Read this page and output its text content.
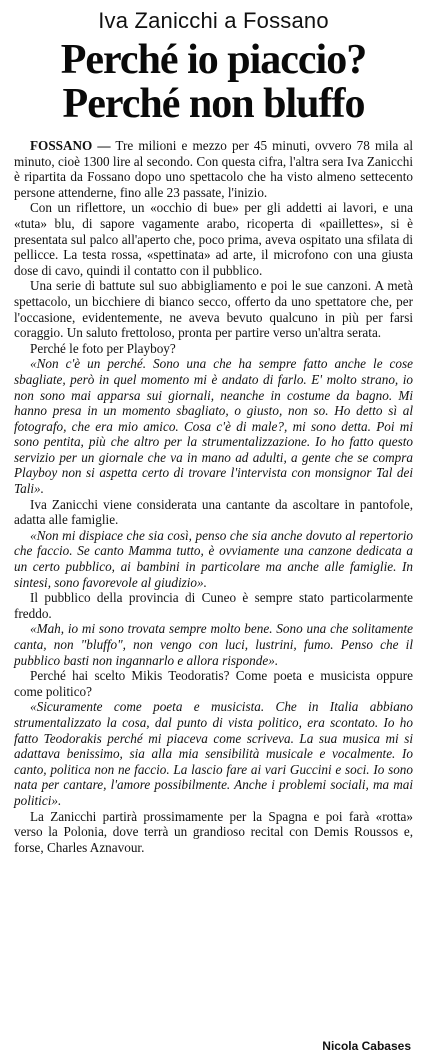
Iva Zanicchi a Fossano
Perché io piaccio?
Perché non bluffo

FOSSANO — Tre milioni e mezzo per 45 minuti, ovvero 78 mila al minuto, cioè 1300 lire al secondo. Con questa cifra, l'altra sera Iva Zanicchi è ripartita da Fossano dopo uno spettacolo che ha visto almeno settecento persone attenderne, fino alle 23 passate, l'inizio.

Con un riflettore, un «occhio di bue» per gli addetti ai lavori, e una «tuta» blu, di sapore vagamente arabo, ricoperta di «paillettes», si è presentata sul palco all'aperto che, poco prima, aveva ospitato una sfilata di pellicce. La testa rossa, «spettinata» ad arte, il microfono con una giusta dose di cavo, quindi il contatto con il pubblico.

Una serie di battute sul suo abbigliamento e poi le sue canzoni. A metà spettacolo, un bicchiere di bianco secco, offerto da uno spettatore che, per l'occasione, evidentemente, ne aveva bevuto qualcuno in più per farsi coraggio. Un saluto frettoloso, pronta per partire verso un'altra serata.

Perché le foto per Playboy?

«Non c'è un perché. Sono una che ha sempre fatto anche le cose sbagliate, però in quel momento mi è andato di farlo. E' molto strano, io non sono mai apparsa sui giornali, neanche in costume da bagno. Mi hanno presa in un momento sbagliato, o giusto, non so. Ho detto sì al fotografo, che era mio amico. Cosa c'è di male?, mi sono detta. Poi mi sono pentita, più che altro per la strumentalizzazione. Io ho fatto questo servizio per un giornale che va in mano ad adulti, a gente che se compra Playboy non si aspetta certo di trovare l'intervista con monsignor Tal dei Tali».

Iva Zanicchi viene considerata una cantante da ascoltare in pantofole, adatta alle famiglie.

«Non mi dispiace che sia così, penso che sia anche dovuto al repertorio che faccio. Se canto Mamma tutto, è ovviamente una canzone dedicata a un certo pubblico, ai bambini in particolare ma anche alle famiglie. In sintesi, sono favorevole al giudizio».

Il pubblico della provincia di Cuneo è sempre stato particolarmente freddo.

«Mah, io mi sono trovata sempre molto bene. Sono una che solitamente canta, non "bluffo", non vengo con luci, lustrini, fumo. Penso che il pubblico basti non ingannarlo e allora risponde».

Perché hai scelto Mikis Teodoratis? Come poeta e musicista oppure come politico?

«Sicuramente come poeta e musicista. Che in Italia abbiano strumentalizzato la cosa, dal punto di vista politico, era scontato. Io ho fatto Teodorakis perché mi piaceva come scriveva. La sua musica mi si adattava benissimo, sia alla mia sensibilità musicale e vocalmente. Io canto, politica non ne faccio. La lascio fare ai vari Guccini e soci. Io sono nata per cantare, l'amore possibilmente. Anche i problemi sociali, ma mai politici».

La Zanicchi partirà prossimamente per la Spagna e poi farà «rotta» verso la Polonia, dove terrà un grandioso recital con Demis Roussos e, forse, Charles Aznavour.

Nicola Cabases
